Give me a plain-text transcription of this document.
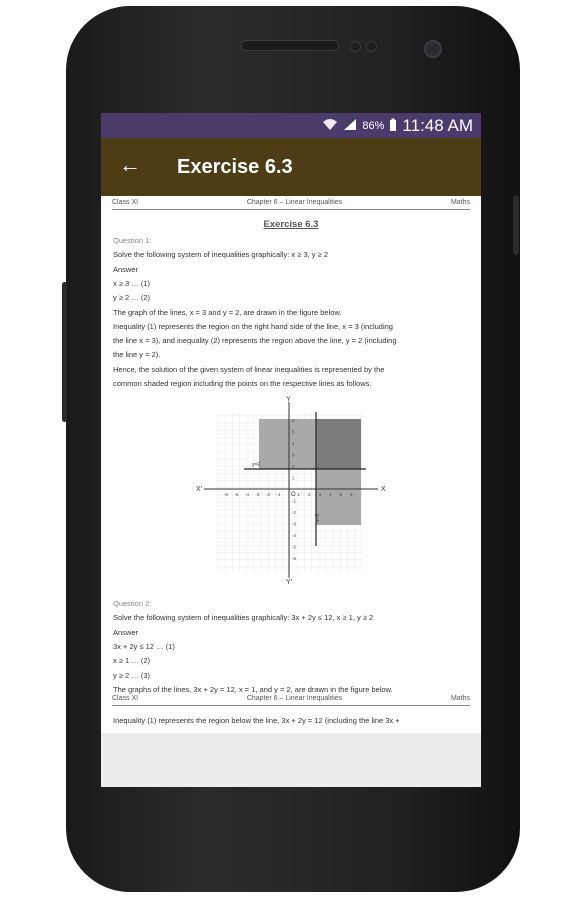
86% 11:48 AM
← Exercise 6.3
Class XI	Chapter 6 – Linear Inequalities	Maths
Exercise 6.3
Question 1:
Solve the following system of inequalities graphically: x ≥ 3, y ≥ 2
Answer
x ≥ 3 … (1)
y ≥ 2 … (2)
The graph of the lines, x = 3 and y = 2, are drawn in the figure below.
Inequality (1) represents the region on the right hand side of the line, x = 3 (including
the line x = 3), and inequality (2) represents the region above the line, y = 2 (including
the line y = 2).
Hence, the solution of the given system of linear inequalities is represented by the
common shaded region including the points on the respective lines as follows.
X
X'
Y
Y'
O
x=3
y=2
-6
-6
-5
-5
-4
-4
-3
-3
-2
-2
-1
-1
1
1
2
2
3
3
4
4
5
5
6
6
Question 2:
Solve the following system of inequalities graphically: 3x + 2y ≤ 12, x ≥ 1, y ≥ 2
Answer
3x + 2y ≤ 12 … (1)
x ≥ 1 … (2)
y ≥ 2 … (3)
The graphs of the lines, 3x + 2y = 12, x = 1, and y = 2, are drawn in the figure below.
Class XI	Chapter 6 – Linear Inequalities	Maths
Inequality (1) represents the region below the line, 3x + 2y = 12 (including the line 3x +
